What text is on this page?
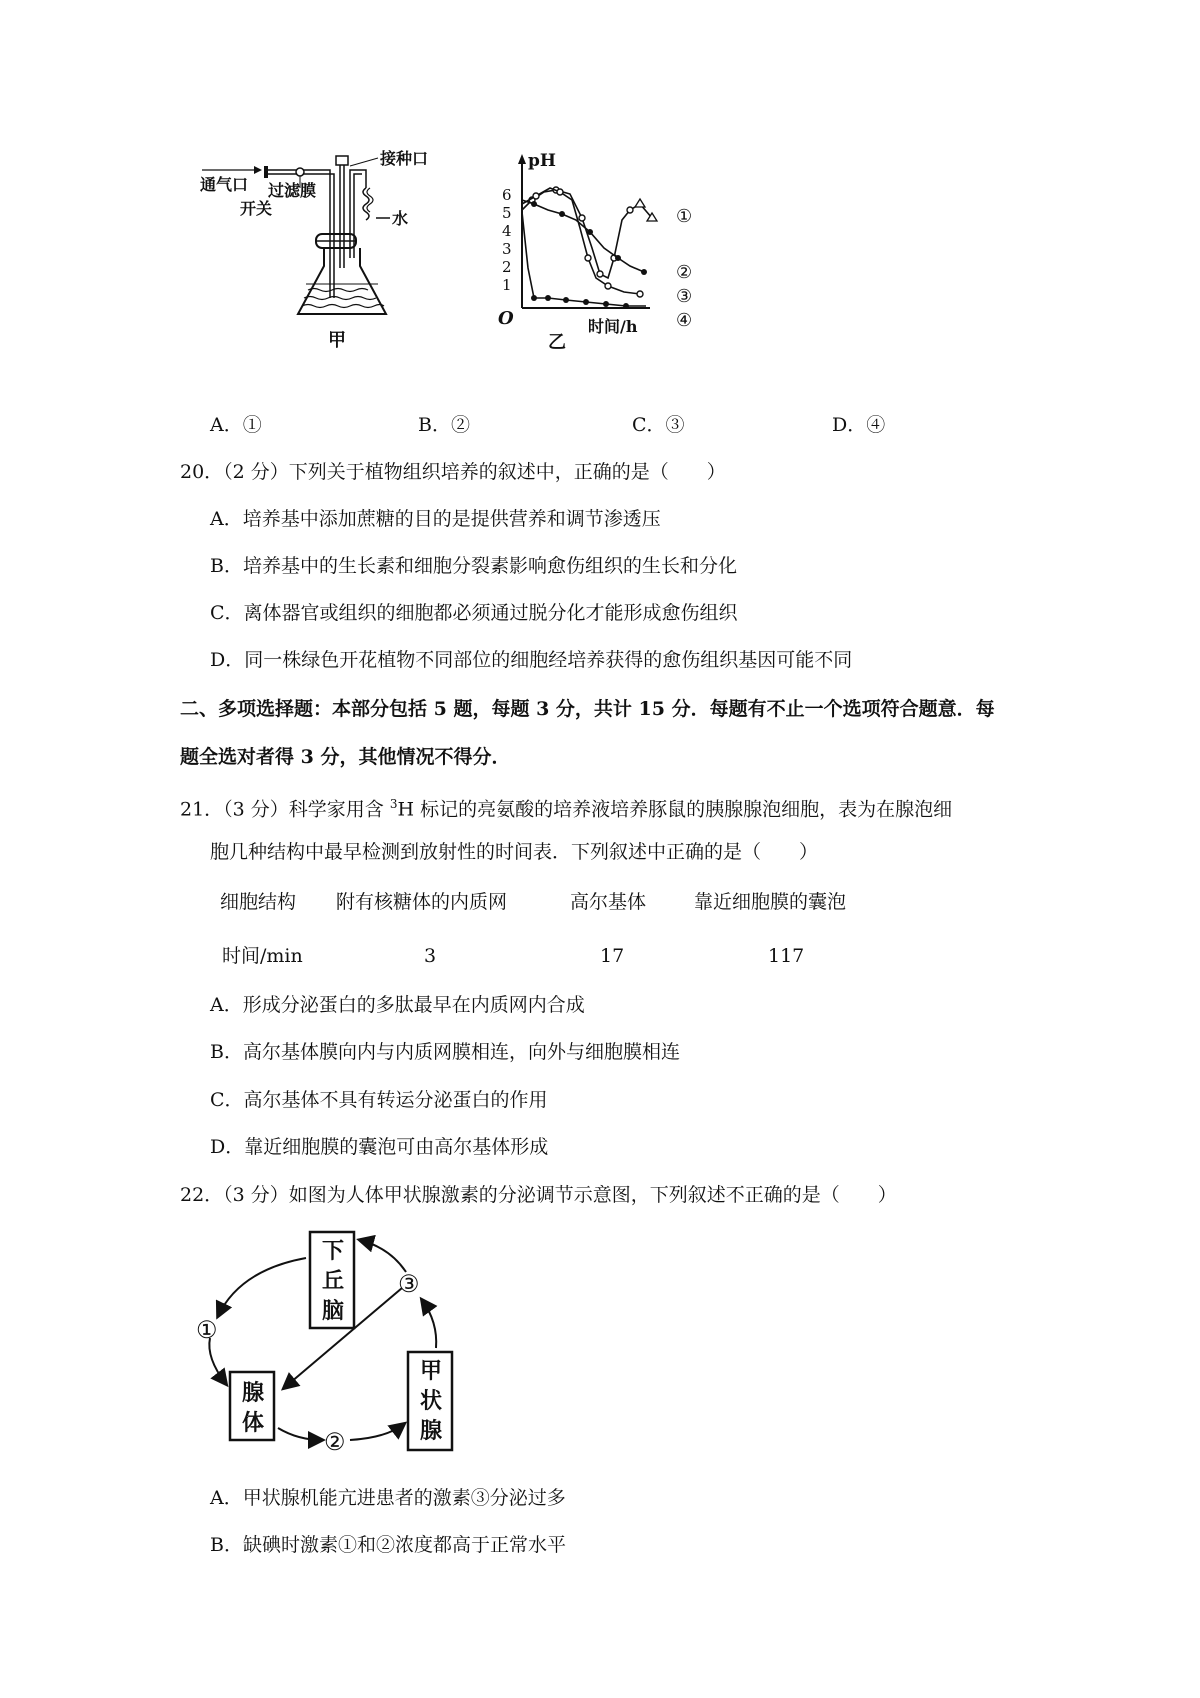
通气口
开关
过滤膜
接种口
水
甲
pH
O	时间/h
乙
6
5
4
3
2
1
①
②
③
④
A．①	B．②	C．③	D．④
20．（2 分）下列关于植物组织培养的叙述中，正确的是（　　）
A．培养基中添加蔗糖的目的是提供营养和调节渗透压
B．培养基中的生长素和细胞分裂素影响愈伤组织的生长和分化
C．离体器官或组织的细胞都必须通过脱分化才能形成愈伤组织
D．同一株绿色开花植物不同部位的细胞经培养获得的愈伤组织基因可能不同
二、多项选择题：本部分包括 5 题，每题 3 分，共计 15 分．每题有不止一个选项符合题意．每
题全选对者得 3 分，其他情况不得分．
21．（3 分）科学家用含 $^3$H 标记的亮氨酸的培养液培养豚鼠的胰腺腺泡细胞，表为在腺泡细
胞几种结构中最早检测到放射性的时间表．下列叙述中正确的是（　　）
细胞结构 附有核糖体的内质网	高尔基体	靠近细胞膜的囊泡
时间/min	3	17	117
A．形成分泌蛋白的多肽最早在内质网内合成
B．高尔基体膜向内与内质网膜相连，向外与细胞膜相连
C．高尔基体不具有转运分泌蛋白的作用
D．靠近细胞膜的囊泡可由高尔基体形成
22．（3 分）如图为人体甲状腺激素的分泌调节示意图，下列叙述不正确的是（　　）
下
丘
脑
腺
体
甲
状
腺
①
②
③
A．甲状腺机能亢进患者的激素③分泌过多
B．缺碘时激素①和②浓度都高于正常水平
